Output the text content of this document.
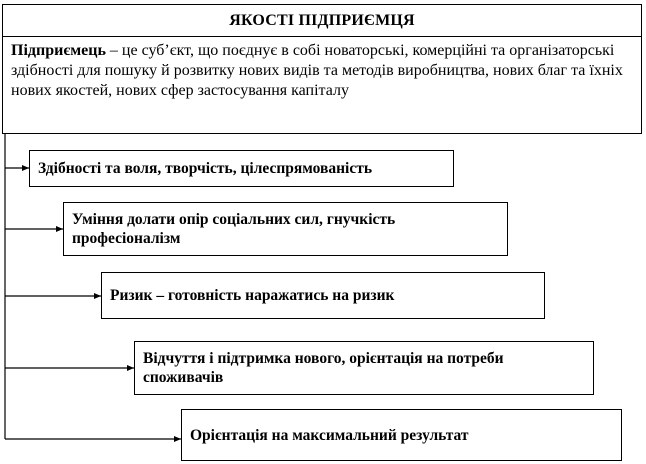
ЯКОСТІ ПІДПРИЄМЦЯ
Підприємець – це суб’єкт, що поєднує в собі новаторські, комерційні та організаторські здібності для пошуку й розвитку нових видів та методів виробництва, нових благ та їхніх нових якостей, нових сфер застосування капіталу
Здібності та воля, творчість, цілеспрямованість
Уміння долати опір соціальних сил, гнучкість професіоналізм
Ризик – готовність наражатись на ризик
Відчуття і підтримка нового, орієнтація на потреби споживачів
Орієнтація на максимальний результат
